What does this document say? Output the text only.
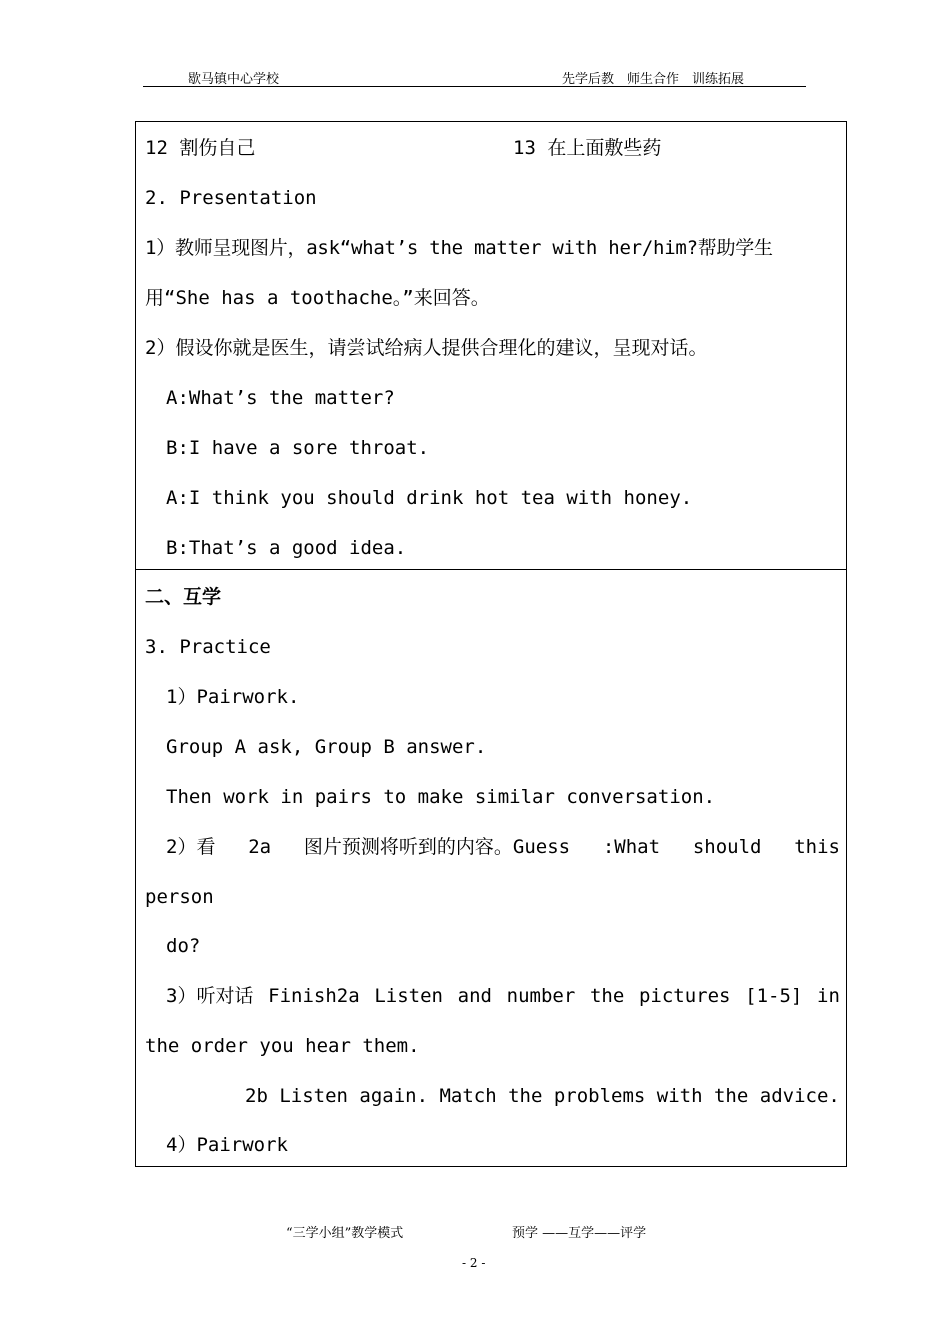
歇马镇中心学校	先学后教　师生合作　训练拓展
12 割伤自己	13 在上面敷些药
2. Presentation
1）教师呈现图片，ask“what’s the matter with her/him?帮助学生
用“She has a toothache。”来回答。
2）假设你就是医生，请尝试给病人提供合理化的建议，呈现对话。
A:What’s the matter?
B:I have a sore throat.
A:I think you should drink hot tea with honey.
B:That’s a good idea.
二、互学
3. Practice
1）Pairwork.
Group A ask, Group B answer.
Then work in pairs to make similar conversation.
2）看 2a 图片预测将听到的内容。Guess :What should this
person
do?
3）听对话 Finish2a Listen and number the pictures [1-5] in
the order you hear them.
2b Listen again. Match the problems with the advice.
4）Pairwork
“三学小组”教学模式	预学 ——互学——评学
- 2 -
